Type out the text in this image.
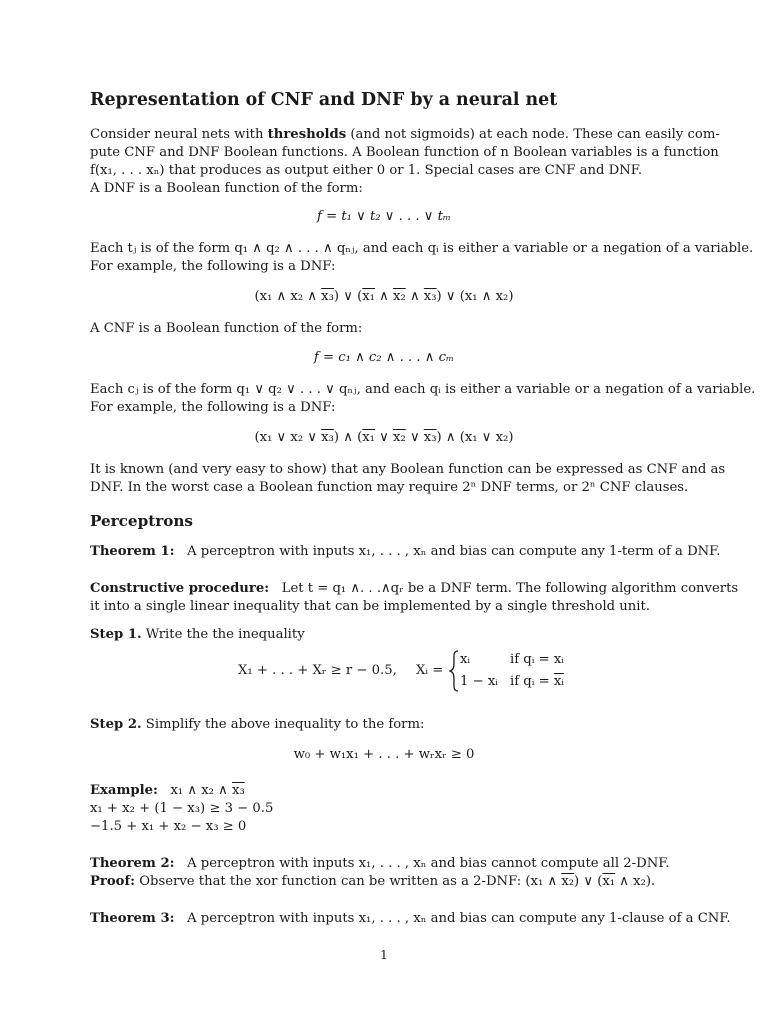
Representation of CNF and DNF by a neural net
Consider neural nets with thresholds (and not sigmoids) at each node. These can easily com-
pute CNF and DNF Boolean functions. A Boolean function of n Boolean variables is a function
f(x₁, . . . xₙ) that produces as output either 0 or 1. Special cases are CNF and DNF.
A DNF is a Boolean function of the form:
f = t₁ ∨ t₂ ∨ . . . ∨ tₘ
Each tⱼ is of the form q₁ ∧ q₂ ∧ . . . ∧ qₙⱼ, and each qᵢ is either a variable or a negation of a variable.
For example, the following is a DNF:
(x₁ ∧ x₂ ∧ x₃) ∨ (x₁ ∧ x₂ ∧ x₃) ∨ (x₁ ∧ x₂)
A CNF is a Boolean function of the form:
f = c₁ ∧ c₂ ∧ . . . ∧ cₘ
Each cⱼ is of the form q₁ ∨ q₂ ∨ . . . ∨ qₙⱼ, and each qᵢ is either a variable or a negation of a variable.
For example, the following is a DNF:
(x₁ ∨ x₂ ∨ x₃) ∧ (x₁ ∨ x₂ ∨ x₃) ∧ (x₁ ∨ x₂)
It is known (and very easy to show) that any Boolean function can be expressed as CNF and as
DNF. In the worst case a Boolean function may require 2ⁿ DNF terms, or 2ⁿ CNF clauses.
Perceptrons
Theorem 1: A perceptron with inputs x₁, . . . , xₙ and bias can compute any 1-term of a DNF.
Constructive procedure: Let t = q₁ ∧. . .∧qᵣ be a DNF term. The following algorithm converts
it into a single linear inequality that can be implemented by a single threshold unit.
Step 1. Write the the inequality
X₁ + . . . + Xᵣ ≥ r − 0.5, Xᵢ =
xᵢ	if qᵢ = xᵢ
1 − xᵢ if qᵢ = $\overline{xᵢ}$
Step 2. Simplify the above inequality to the form:
w₀ + w₁x₁ + . . . + wᵣxᵣ ≥ 0
Example: x₁ ∧ x₂ ∧ x₃
x₁ + x₂ + (1 − x₃) ≥ 3 − 0.5
−1.5 + x₁ + x₂ − x₃ ≥ 0
Theorem 2: A perceptron with inputs x₁, . . . , xₙ and bias cannot compute all 2-DNF.
Proof: Observe that the xor function can be written as a 2-DNF: (x₁ ∧ x₂) ∨ (x₁ ∧ x₂).
Theorem 3: A perceptron with inputs x₁, . . . , xₙ and bias can compute any 1-clause of a CNF.
1
